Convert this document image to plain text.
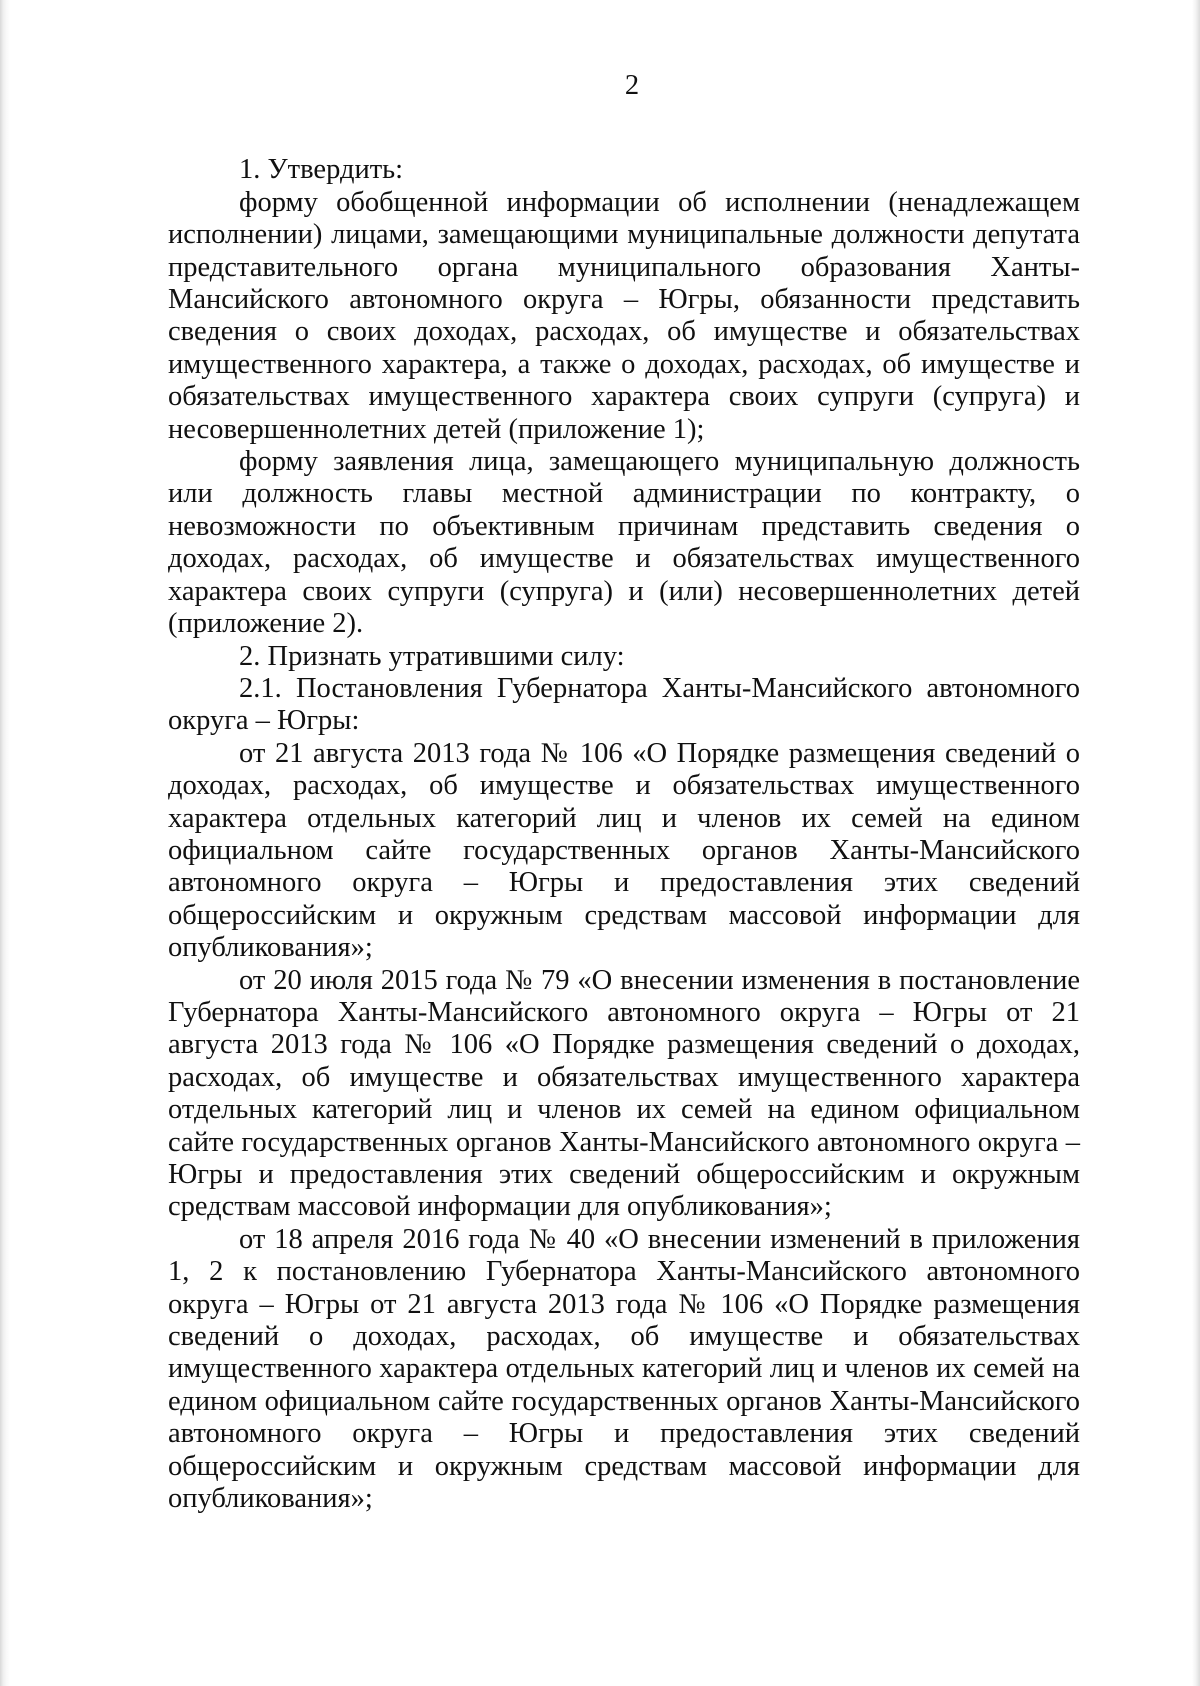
2

1. Утвердить:

форму обобщенной информации об исполнении (ненадлежащем исполнении) лицами, замещающими муниципальные должности депутата представительного органа муниципального образования Ханты-Мансийского автономного округа – Югры, обязанности представить сведения о своих доходах, расходах, об имуществе и обязательствах имущественного характера, а также о доходах, расходах, об имуществе и обязательствах имущественного характера своих супруги (супруга) и несовершеннолетних детей (приложение 1);

форму заявления лица, замещающего муниципальную должность или должность главы местной администрации по контракту, о невозможности по объективным причинам представить сведения о доходах, расходах, об имуществе и обязательствах имущественного характера своих супруги (супруга) и (или) несовершеннолетних детей (приложение 2).

2. Признать утратившими силу:

2.1. Постановления Губернатора Ханты-Мансийского автономного округа – Югры:

от 21 августа 2013 года № 106 «О Порядке размещения сведений о доходах, расходах, об имуществе и обязательствах имущественного характера отдельных категорий лиц и членов их семей на едином официальном сайте государственных органов Ханты-Мансийского автономного округа – Югры и предоставления этих сведений общероссийским и окружным средствам массовой информации для опубликования»;

от 20 июля 2015 года № 79 «О внесении изменения в постановление Губернатора Ханты-Мансийского автономного округа – Югры от 21 августа 2013 года № 106 «О Порядке размещения сведений о доходах, расходах, об имуществе и обязательствах имущественного характера отдельных категорий лиц и членов их семей на едином официальном сайте государственных органов Ханты-Мансийского автономного округа – Югры и предоставления этих сведений общероссийским и окружным средствам массовой информации для опубликования»;

от 18 апреля 2016 года № 40 «О внесении изменений в приложения 1, 2 к постановлению Губернатора Ханты-Мансийского автономного округа – Югры от 21 августа 2013 года № 106 «О Порядке размещения сведений о доходах, расходах, об имуществе и обязательствах имущественного характера отдельных категорий лиц и членов их семей на едином официальном сайте государственных органов Ханты-Мансийского автономного округа – Югры и предоставления этих сведений общероссийским и окружным средствам массовой информации для опубликования»;
